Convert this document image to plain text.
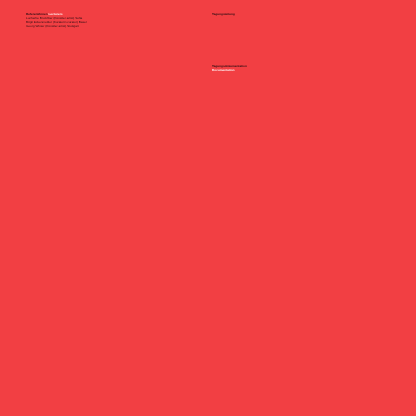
Referent/innen Lecturers
Lucherbe Bruzzllier (Künstler artist) Sofia
Birgit Eckenmettler (Kuratorin curator) Basel
Georg Winter (Künstler artist) Stuttgart

Tagungsleitung

Tagungsdokumentation

Documentation
